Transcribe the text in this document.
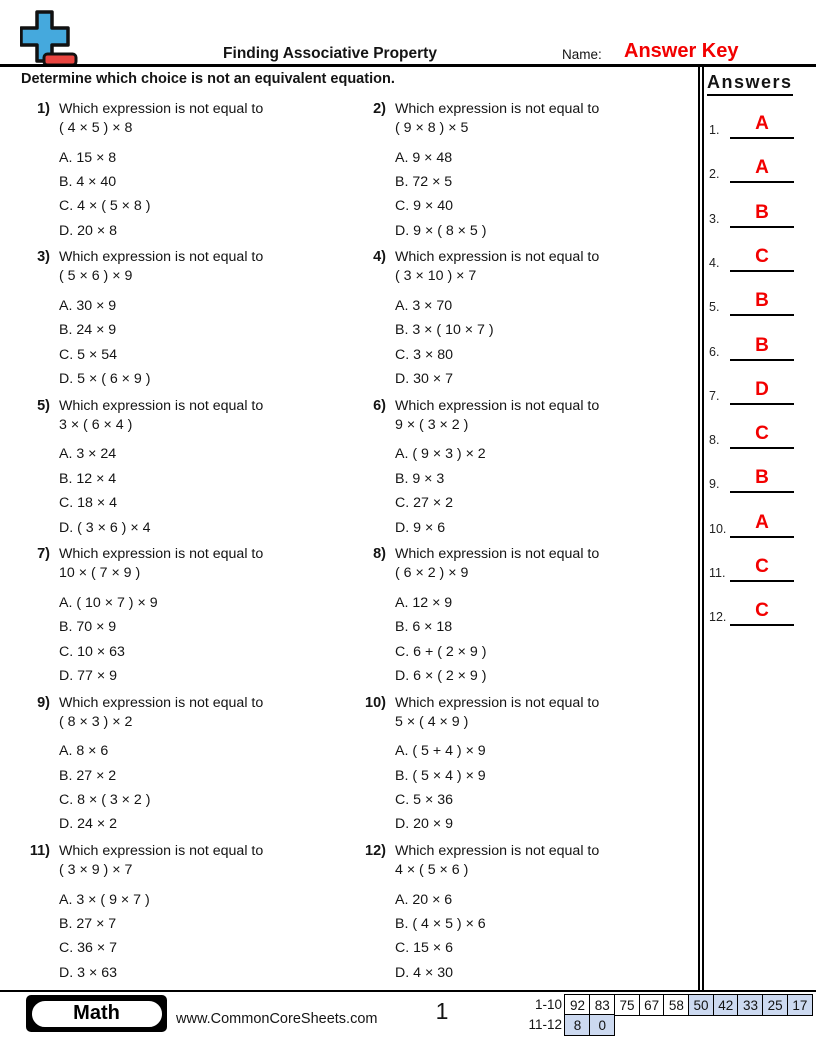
Finding Associative Property	Name: Answer Key
Determine which choice is not an equivalent equation.
1) Which expression is not equal to
( 4 × 5 ) × 8
A. 15 × 8
B. 4 × 40
C. 4 × ( 5 × 8 )
D. 20 × 8
2) Which expression is not equal to
( 9 × 8 ) × 5
A. 9 × 48
B. 72 × 5
C. 9 × 40
D. 9 × ( 8 × 5 )
3) Which expression is not equal to
( 5 × 6 ) × 9
A. 30 × 9
B. 24 × 9
C. 5 × 54
D. 5 × ( 6 × 9 )
4) Which expression is not equal to
( 3 × 10 ) × 7
A. 3 × 70
B. 3 × ( 10 × 7 )
C. 3 × 80
D. 30 × 7
5) Which expression is not equal to
3 × ( 6 × 4 )
A. 3 × 24
B. 12 × 4
C. 18 × 4
D. ( 3 × 6 ) × 4
6) Which expression is not equal to
9 × ( 3 × 2 )
A. ( 9 × 3 ) × 2
B. 9 × 3
C. 27 × 2
D. 9 × 6
7) Which expression is not equal to
10 × ( 7 × 9 )
A. ( 10 × 7 ) × 9
B. 70 × 9
C. 10 × 63
D. 77 × 9
8) Which expression is not equal to
( 6 × 2 ) × 9
A. 12 × 9
B. 6 × 18
C. 6 + ( 2 × 9 )
D. 6 × ( 2 × 9 )
9) Which expression is not equal to
( 8 × 3 ) × 2
A. 8 × 6
B. 27 × 2
C. 8 × ( 3 × 2 )
D. 24 × 2
10) Which expression is not equal to
5 × ( 4 × 9 )
A. ( 5 + 4 ) × 9
B. ( 5 × 4 ) × 9
C. 5 × 36
D. 20 × 9
11) Which expression is not equal to
( 3 × 9 ) × 7
A. 3 × ( 9 × 7 )
B. 27 × 7
C. 36 × 7
D. 3 × 63
12) Which expression is not equal to
4 × ( 5 × 6 )
A. 20 × 6
B. ( 4 × 5 ) × 6
C. 15 × 6
D. 4 × 30
Answers
1.	A
2.	A
3.	B
4.	C
5.	B
6.	B
7.	D
8.	C
9.	B
10.	A
11.	C
12.	C
Math	www.CommonCoreSheets.com	1	1-10 92 83 75 67 58 50 42 33 25 17
11-12 8	0
